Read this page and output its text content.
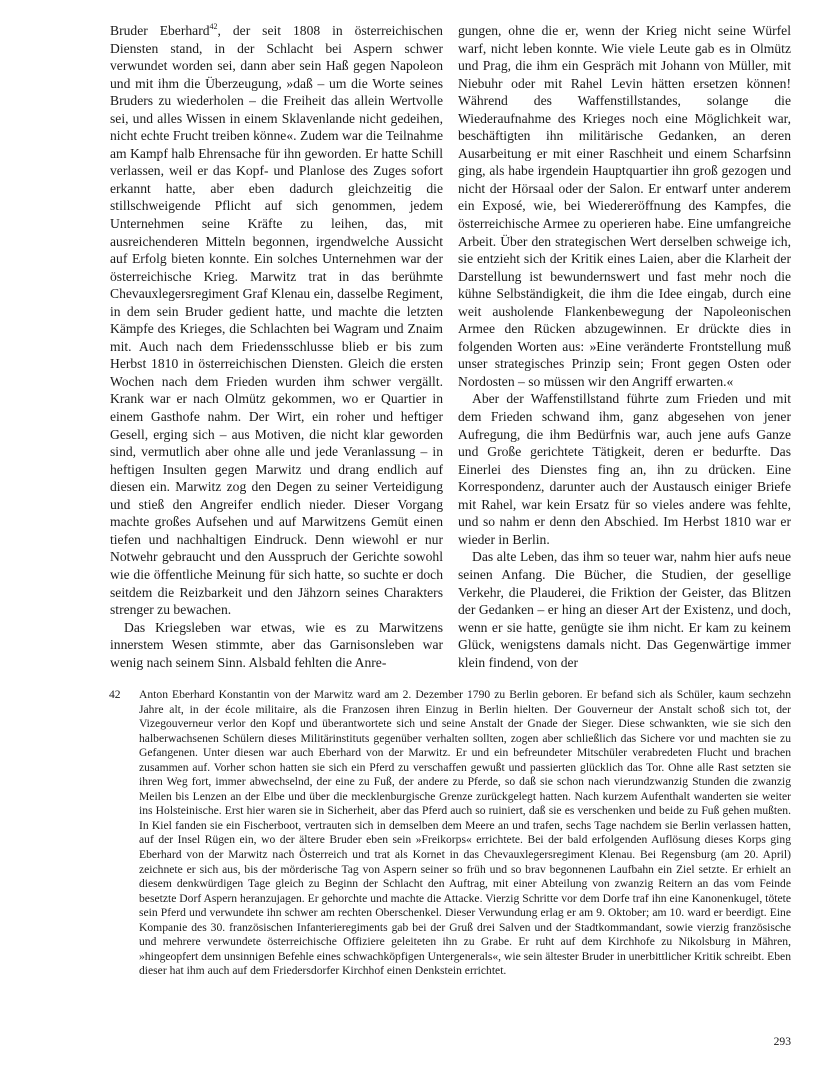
Bruder Eberhard$^{42}$, der seit 1808 in österreichischen Diensten stand, in der Schlacht bei Aspern schwer verwundet worden sei, dann aber sein Haß gegen Napoleon und mit ihm die Überzeugung, »daß – um die Worte seines Bruders zu wiederholen – die Freiheit das allein Wertvolle sei, und alles Wissen in einem Sklavenlande nicht gedeihen, nicht echte Frucht treiben könne«. Zudem war die Teilnahme am Kampf halb Ehrensache für ihn geworden. Er hatte Schill verlassen, weil er das Kopf- und Planlose des Zuges sofort erkannt hatte, aber eben dadurch gleichzeitig die stillschweigende Pflicht auf sich genommen, jedem Unternehmen seine Kräfte zu leihen, das, mit ausreichenderen Mitteln begonnen, irgendwelche Aussicht auf Erfolg bieten konnte. Ein solches Unternehmen war der österreichische Krieg. Marwitz trat in das berühmte Chevauxlegersregiment Graf Klenau ein, dasselbe Regiment, in dem sein Bruder gedient hatte, und machte die letzten Kämpfe des Krieges, die Schlachten bei Wagram und Znaim mit. Auch nach dem Friedensschlusse blieb er bis zum Herbst 1810 in österreichischen Diensten. Gleich die ersten Wochen nach dem Frieden wurden ihm schwer vergällt. Krank war er nach Olmütz gekommen, wo er Quartier in einem Gasthofe nahm. Der Wirt, ein roher und heftiger Gesell, erging sich – aus Motiven, die nicht klar geworden sind, vermutlich aber ohne alle und jede Veranlassung – in heftigen Insulten gegen Marwitz und drang endlich auf diesen ein. Marwitz zog den Degen zu seiner Verteidigung und stieß den Angreifer endlich nieder. Dieser Vorgang machte großes Aufsehen und auf Marwitzens Gemüt einen tiefen und nachhaltigen Eindruck. Denn wiewohl er nur Notwehr gebraucht und den Ausspruch der Gerichte sowohl wie die öffentliche Meinung für sich hatte, so suchte er doch seitdem die Reizbarkeit und den Jähzorn seines Charakters strenger zu bewachen.

Das Kriegsleben war etwas, wie es zu Marwitzens innerstem Wesen stimmte, aber das Garnisonsleben war wenig nach seinem Sinn. Alsbald fehlten die Anre-

gungen, ohne die er, wenn der Krieg nicht seine Würfel warf, nicht leben konnte. Wie viele Leute gab es in Olmütz und Prag, die ihm ein Gespräch mit Johann von Müller, mit Niebuhr oder mit Rahel Levin hätten ersetzen können! Während des Waffenstillstandes, solange die Wiederaufnahme des Krieges noch eine Möglichkeit war, beschäftigten ihn militärische Gedanken, an deren Ausarbeitung er mit einer Raschheit und einem Scharfsinn ging, als habe irgendein Hauptquartier ihn groß gezogen und nicht der Hörsaal oder der Salon. Er entwarf unter anderem ein Exposé, wie, bei Wiedereröffnung des Kampfes, die österreichische Armee zu operieren habe. Eine umfangreiche Arbeit. Über den strategischen Wert derselben schweige ich, sie entzieht sich der Kritik eines Laien, aber die Klarheit der Darstellung ist bewundernswert und fast mehr noch die kühne Selbständigkeit, die ihm die Idee eingab, durch eine weit ausholende Flankenbewegung der Napoleonischen Armee den Rücken abzugewinnen. Er drückte dies in folgenden Worten aus: »Eine veränderte Frontstellung muß unser strategisches Prinzip sein; Front gegen Osten oder Nordosten – so müssen wir den Angriff erwarten.«

Aber der Waffenstillstand führte zum Frieden und mit dem Frieden schwand ihm, ganz abgesehen von jener Aufregung, die ihm Bedürfnis war, auch jene aufs Ganze und Große gerichtete Tätigkeit, deren er bedurfte. Das Einerlei des Dienstes fing an, ihn zu drücken. Eine Korrespondenz, darunter auch der Austausch einiger Briefe mit Rahel, war kein Ersatz für so vieles andere was fehlte, und so nahm er denn den Abschied. Im Herbst 1810 war er wieder in Berlin.

Das alte Leben, das ihm so teuer war, nahm hier aufs neue seinen Anfang. Die Bücher, die Studien, der gesellige Verkehr, die Plauderei, die Friktion der Geister, das Blitzen der Gedanken – er hing an dieser Art der Existenz, und doch, wenn er sie hatte, genügte sie ihm nicht. Er kam zu keinem Glück, wenigstens damals nicht. Das Gegenwärtige immer klein findend, von der

42	Anton Eberhard Konstantin von der Marwitz ward am 2. Dezember 1790 zu Berlin geboren. Er befand sich als Schüler, kaum sechzehn Jahre alt, in der école militaire, als die Franzosen ihren Einzug in Berlin hielten. Der Gouverneur der Anstalt schoß sich tot, der Vizegouverneur verlor den Kopf und überantwortete sich und seine Anstalt der Gnade der Sieger. Diese schwankten, wie sie sich den halberwachsenen Schülern dieses Militärinstituts gegenüber verhalten sollten, zogen aber schließlich das Sichere vor und machten sie zu Gefangenen. Unter diesen war auch Eberhard von der Marwitz. Er und ein befreundeter Mitschüler verabredeten Flucht und brachen zusammen auf. Vorher schon hatten sie sich ein Pferd zu verschaffen gewußt und passierten glücklich das Tor. Ohne alle Rast setzten sie ihren Weg fort, immer abwechselnd, der eine zu Fuß, der andere zu Pferde, so daß sie schon nach vierundzwanzig Stunden die zwanzig Meilen bis Lenzen an der Elbe und über die mecklenburgische Grenze zurückgelegt hatten. Nach kurzem Aufenthalt wanderten sie weiter ins Holsteinische. Erst hier waren sie in Sicherheit, aber das Pferd auch so ruiniert, daß sie es verschenken und beide zu Fuß gehen mußten. In Kiel fanden sie ein Fischerboot, vertrauten sich in demselben dem Meere an und trafen, sechs Tage nachdem sie Berlin verlassen hatten, auf der Insel Rügen ein, wo der ältere Bruder eben sein »Freikorps« errichtete. Bei der bald erfolgenden Auflösung dieses Korps ging Eberhard von der Marwitz nach Österreich und trat als Kornet in das Chevauxlegersregiment Klenau. Bei Regensburg (am 20. April) zeichnete er sich aus, bis der mörderische Tag von Aspern seiner so früh und so brav begonnenen Laufbahn ein Ziel setzte. Er erhielt an diesem denkwürdigen Tage gleich zu Beginn der Schlacht den Auftrag, mit einer Abteilung von zwanzig Reitern an das vom Feinde besetzte Dorf Aspern heranzujagen. Er gehorchte und machte die Attacke. Vierzig Schritte vor dem Dorfe traf ihn eine Kanonenkugel, tötete sein Pferd und verwundete ihn schwer am rechten Oberschenkel. Dieser Verwundung erlag er am 9. Oktober; am 10. ward er beerdigt. Eine Kompanie des 30. französischen Infanterieregiments gab bei der Gruß drei Salven und der Stadtkommandant, sowie vierzig französische und mehrere verwundete österreichische Offiziere geleiteten ihn zu Grabe. Er ruht auf dem Kirchhofe zu Nikolsburg in Mähren, »hingeopfert dem unsinnigen Befehle eines schwachköpfigen Untergenerals«, wie sein ältester Bruder in unerbittlicher Kritik schreibt. Eben dieser hat ihm auch auf dem Friedersdorfer Kirchhof einen Denkstein errichtet.
293
